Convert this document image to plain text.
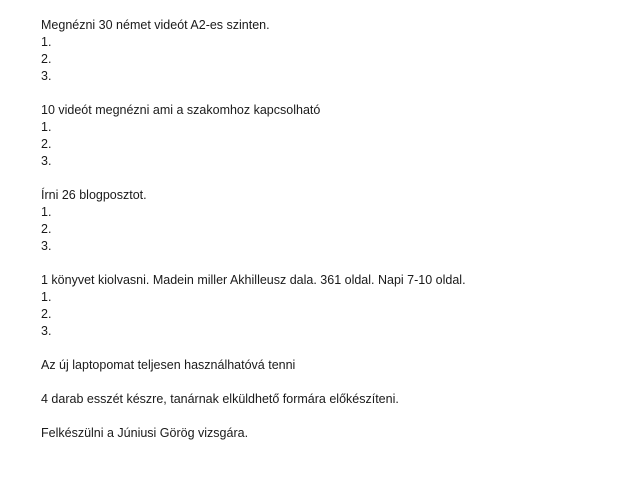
Megnézni 30 német videót A2-es szinten.
1.
2.
3.
10 videót megnézni ami a szakomhoz kapcsolható
1.
2.
3.
Írni 26 blogposztot.
1.
2.
3.
1 könyvet kiolvasni. Madein miller Akhilleusz dala. 361 oldal. Napi 7-10 oldal.
1.
2.
3.
Az új laptopomat teljesen használhatóvá tenni
4 darab esszét készre, tanárnak elküldhető formára előkészíteni.
Felkészülni a Júniusi Görög vizsgára.
